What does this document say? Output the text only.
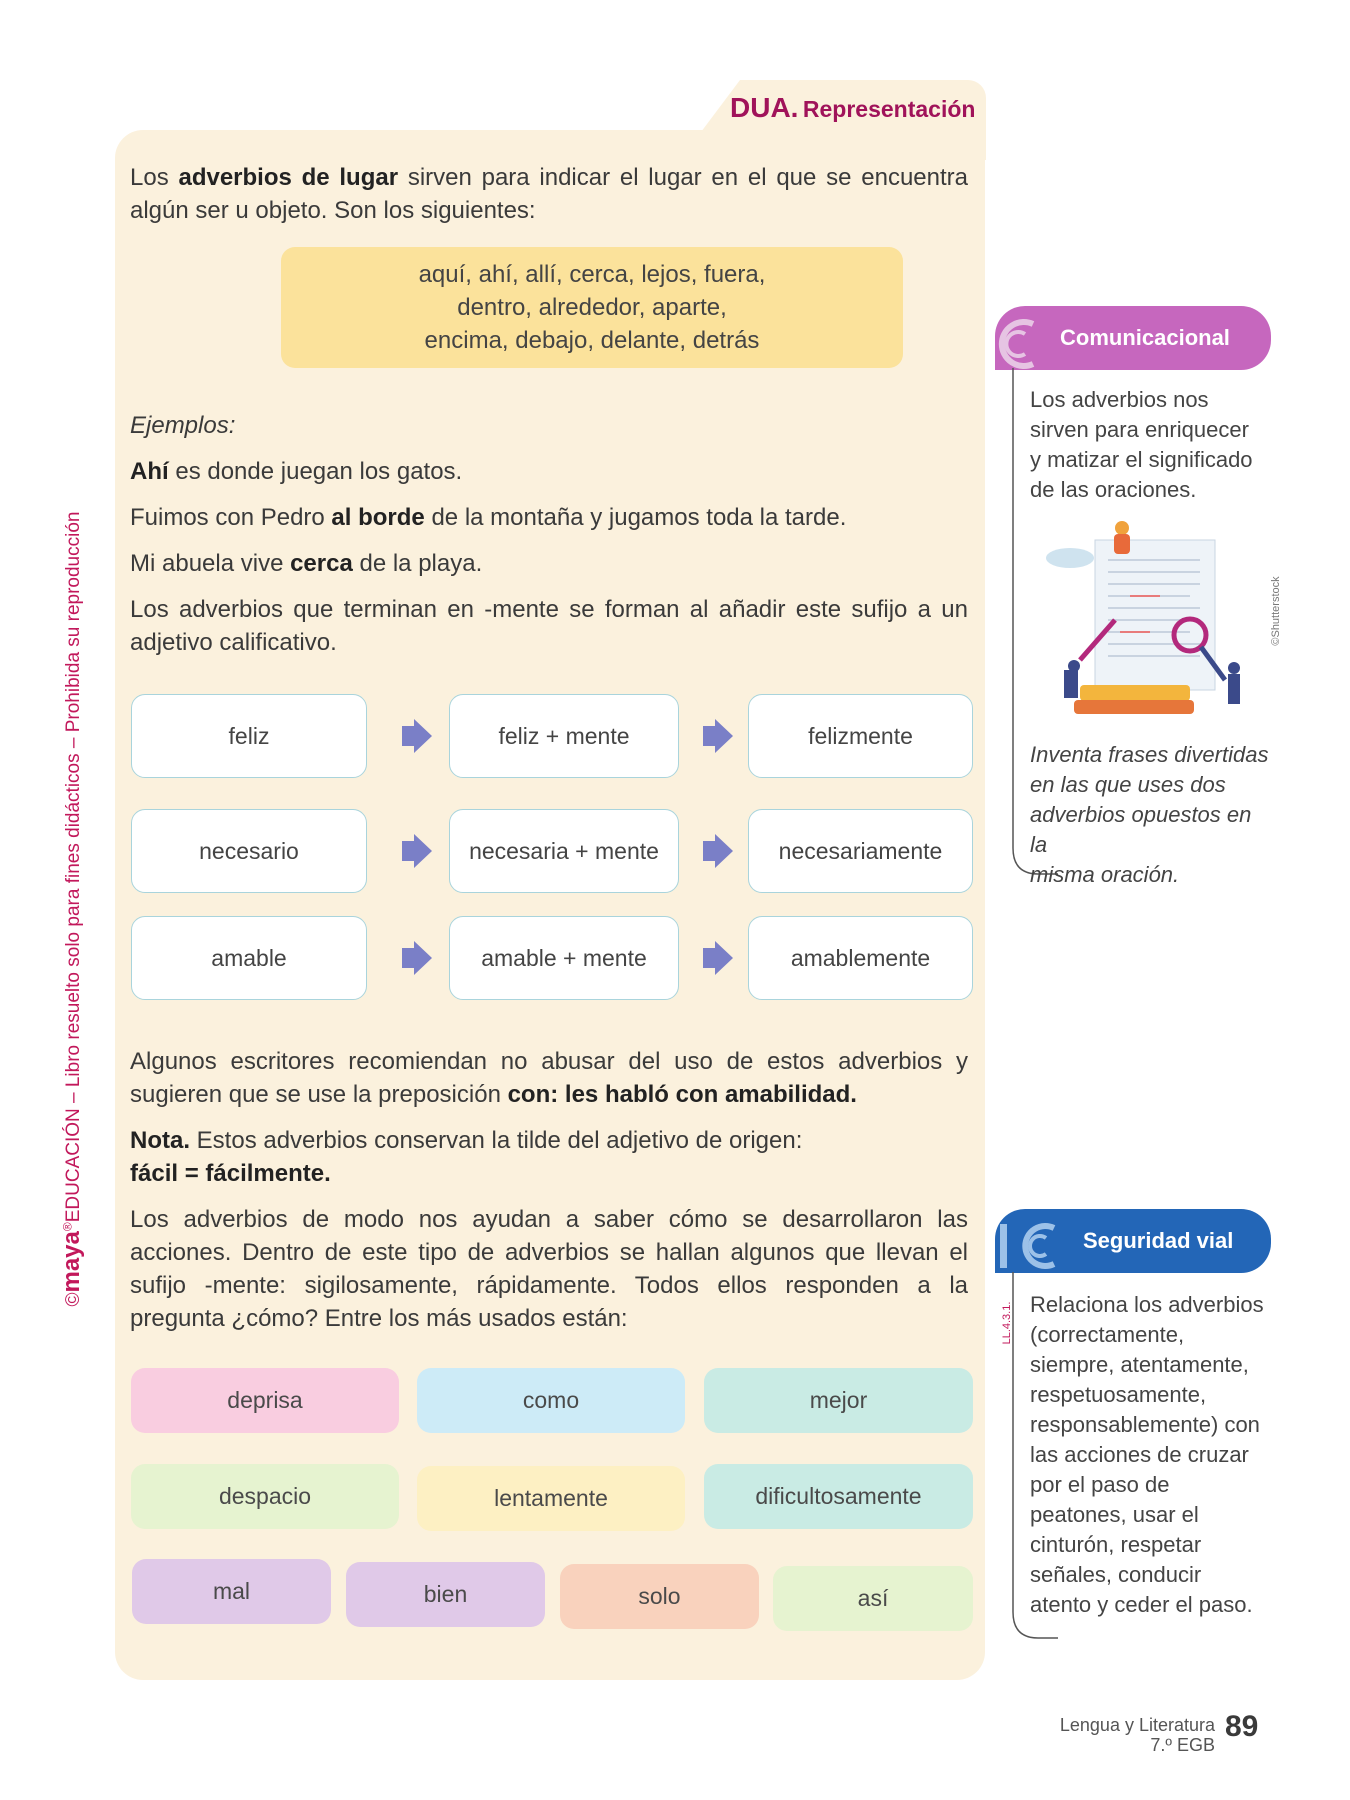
DUA. Representación
Los adverbios de lugar sirven para indicar el lugar en el que se encuentra algún ser u objeto. Son los siguientes:
aquí, ahí, allí, cerca, lejos, fuera,
dentro, alrededor, aparte,
encima, debajo, delante, detrás
Ejemplos:
Ahí es donde juegan los gatos.
Fuimos con Pedro al borde de la montaña y jugamos toda la tarde.
Mi abuela vive cerca de la playa.
Los adverbios que terminan en -mente se forman al añadir este sufijo a un adjetivo calificativo.
feliz	feliz + mente	felizmente
necesario	necesaria + mente	necesariamente
amable	amable + mente	amablemente
Algunos escritores recomiendan no abusar del uso de estos adverbios y sugieren que se use la preposición con: les habló con amabilidad.
Nota. Estos adverbios conservan la tilde del adjetivo de origen:
fácil = fácilmente.
Los adverbios de modo nos ayudan a saber cómo se desarrollaron las acciones. Dentro de este tipo de adverbios se hallan algunos que llevan el sufijo -mente: sigilosamente, rápidamente. Todos ellos responden a la pregunta ¿cómo? Entre los más usados están:
deprisa	como	mejor
despacio	lentamente	dificultosamente
mal	bien	solo	así
Comunicacional
Los adverbios nos
sirven para enriquecer
y matizar el significado
de las oraciones.
©Shutterstock
Inventa frases divertidas
en las que uses dos
adverbios opuestos en la
misma oración.
Seguridad vial
LL.4.3.1. Relaciona los adverbios
(correctamente,
siempre, atentamente,
respetuosamente,
responsablemente) con
las acciones de cruzar
por el paso de
peatones, usar el
cinturón, respetar
señales, conducir
atento y ceder el paso.
©maya®EDUCACIÓN – Libro resuelto solo para fines didácticos – Prohibida su reproducción
Lengua y Literatura
7.º EGB
89
